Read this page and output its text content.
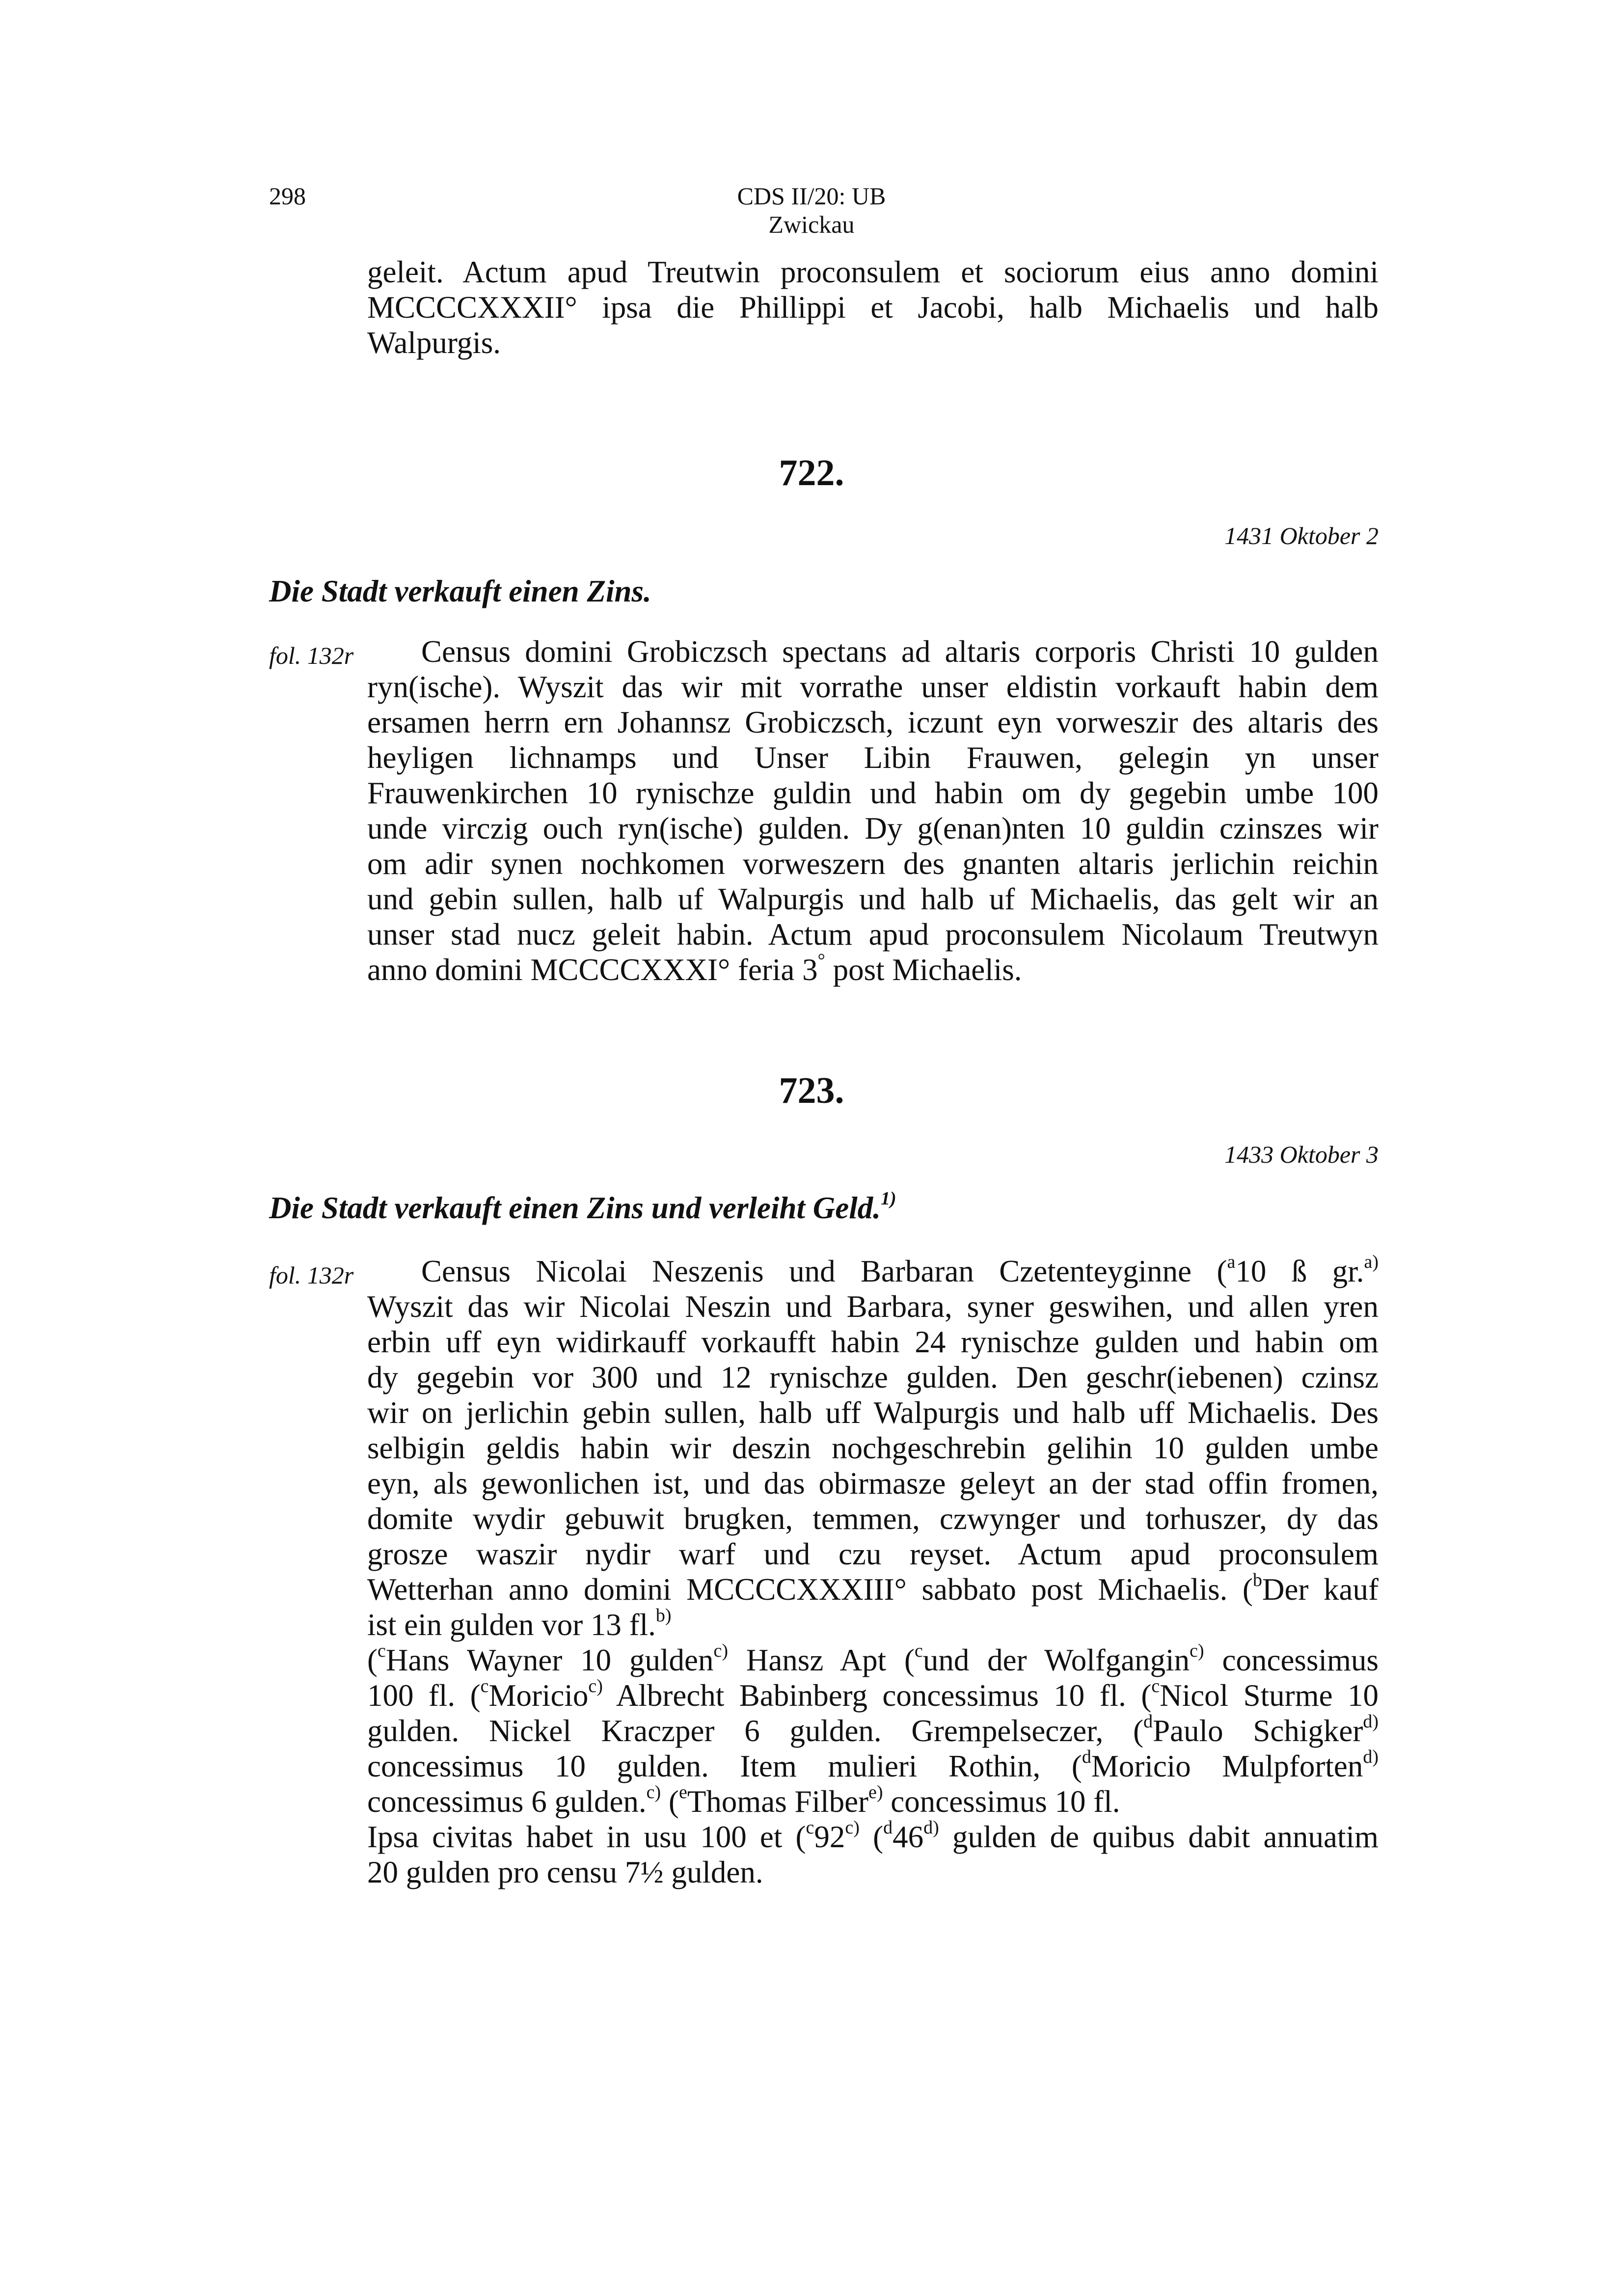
298	CDS II/20: UB Zwickau
geleit. Actum apud Treutwin proconsulem et sociorum eius anno domini
MCCCCXXXII° ipsa die Phillippi et Jacobi, halb Michaelis und halb
Walpurgis.
722.
1431 Oktober 2
Die Stadt verkauft einen Zins.
fol. 132r	Census domini Grobiczsch spectans ad altaris corporis Christi 10 gulden
ryn(ische). Wyszit das wir mit vorrathe unser eldistin vorkauft habin dem
ersamen herrn ern Johannsz Grobiczsch, iczunt eyn vorweszir des altaris des
heyligen lichnamps und Unser Libin Frauwen, gelegin yn unser
Frauwenkirchen 10 rynischze guldin und habin om dy gegebin umbe 100
unde virczig ouch ryn(ische) gulden. Dy g(enan)nten 10 guldin czinszes wir
om adir synen nochkomen vorweszern des gnanten altaris jerlichin reichin
und gebin sullen, halb uf Walpurgis und halb uf Michaelis, das gelt wir an
unser stad nucz geleit habin. Actum apud proconsulem Nicolaum Treutwyn
anno domini MCCCCXXXI° feria 3° post Michaelis.
723.
1433 Oktober 3
Die Stadt verkauft einen Zins und verleiht Geld.$^{1)}$
fol. 132r	Census Nicolai Neszenis und Barbaran Czetenteyginne ($^a$10 ß gr.$^{a)}$
Wyszit das wir Nicolai Neszin und Barbara, syner geswihen, und allen yren
erbin uff eyn widirkauff vorkaufft habin 24 rynischze gulden und habin om
dy gegebin vor 300 und 12 rynischze gulden. Den geschr(iebenen) czinsz
wir on jerlichin gebin sullen, halb uff Walpurgis und halb uff Michaelis. Des
selbigin geldis habin wir deszin nochgeschrebin gelihin 10 gulden umbe
eyn, als gewonlichen ist, und das obirmasze geleyt an der stad offin fromen,
domite wydir gebuwit brugken, temmen, czwynger und torhuszer, dy das
grosze waszir nydir warf und czu reyset. Actum apud proconsulem
Wetterhan anno domini MCCCCXXXIII° sabbato post Michaelis. ($^b$Der kauf
ist ein gulden vor 13 fl.$^{b)}$
($^c$Hans Wayner 10 gulden$^{c)}$ Hansz Apt ($^c$und der Wolfgangin$^{c)}$ concessimus
100 fl. ($^c$Moricio$^{c)}$ Albrecht Babinberg concessimus 10 fl. ($^c$Nicol Sturme 10
gulden. Nickel Kraczper 6 gulden. Grempelseczer, ($^d$Paulo Schigker$^{d)}$
concessimus 10 gulden. Item mulieri Rothin, ($^d$Moricio Mulpforten$^{d)}$
concessimus 6 gulden.$^{c)}$ ($^e$Thomas Filber$^{e)}$ concessimus 10 fl.
Ipsa civitas habet in usu 100 et ($^c$92$^{c)}$ ($^d$46$^{d)}$ gulden de quibus dabit annuatim
20 gulden pro censu 7½ gulden.
